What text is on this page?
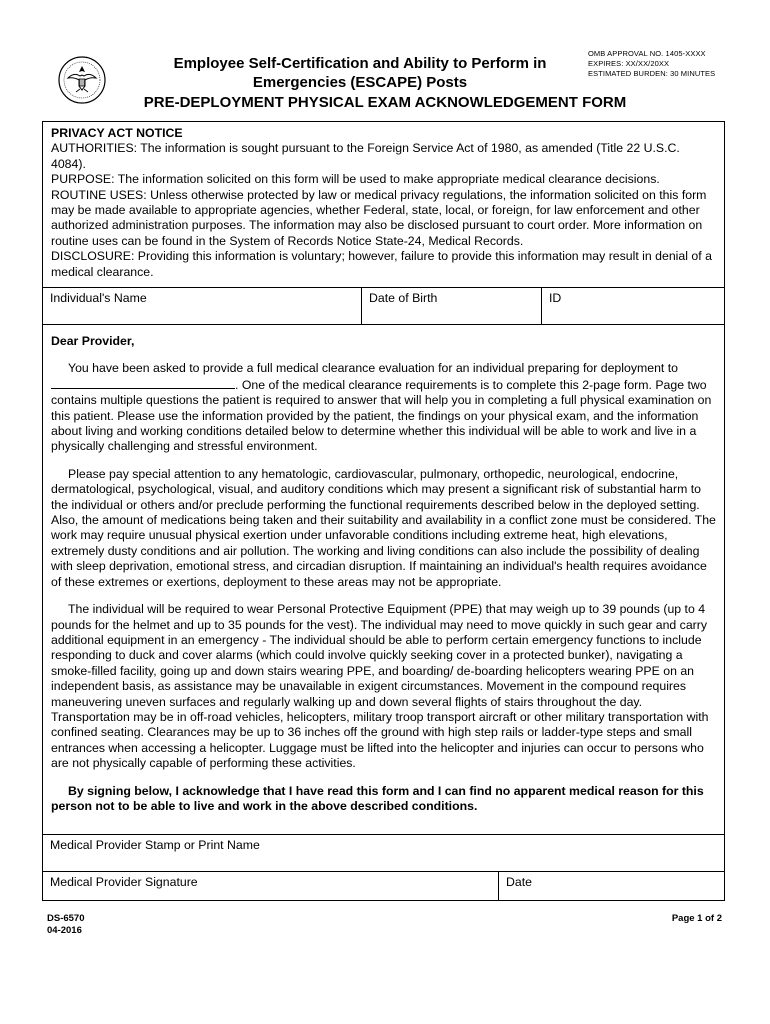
Employee Self-Certification and Ability to Perform in
Emergencies (ESCAPE) Posts
PRE-DEPLOYMENT PHYSICAL EXAM ACKNOWLEDGEMENT FORM
OMB APPROVAL NO. 1405-XXXX
EXPIRES: XX/XX/20XX
ESTIMATED BURDEN: 30 MINUTES

PRIVACY ACT NOTICE

AUTHORITIES: The information is sought pursuant to the Foreign Service Act of 1980, as amended (Title 22 U.S.C. 4084).

PURPOSE: The information solicited on this form will be used to make appropriate medical clearance decisions.

ROUTINE USES: Unless otherwise protected by law or medical privacy regulations, the information solicited on this form may be made available to appropriate agencies, whether Federal, state, local, or foreign, for law enforcement and other authorized administration purposes. The information may also be disclosed pursuant to court order. More information on routine uses can be found in the System of Records Notice State-24, Medical Records.

DISCLOSURE: Providing this information is voluntary; however, failure to provide this information may result in denial of a medical clearance.

Individual's Name	Date of Birth	ID

Dear Provider,

You have been asked to provide a full medical clearance evaluation for an individual preparing for deployment to . One of the medical clearance requirements is to complete this 2-page form. Page two contains multiple questions the patient is required to answer that will help you in completing a full physical examination on this patient. Please use the information provided by the patient, the findings on your physical exam, and the information about living and working conditions detailed below to determine whether this individual will be able to work and live in a physically challenging and stressful environment.

Please pay special attention to any hematologic, cardiovascular, pulmonary, orthopedic, neurological, endocrine, dermatological, psychological, visual, and auditory conditions which may present a significant risk of substantial harm to the individual or others and/or preclude performing the functional requirements described below in the deployed setting. Also, the amount of medications being taken and their suitability and availability in a conflict zone must be considered. The work may require unusual physical exertion under unfavorable conditions including extreme heat, high elevations, extremely dusty conditions and air pollution. The working and living conditions can also include the possibility of dealing with sleep deprivation, emotional stress, and circadian disruption. If maintaining an individual's health requires avoidance of these extremes or exertions, deployment to these areas may not be appropriate.

The individual will be required to wear Personal Protective Equipment (PPE) that may weigh up to 39 pounds (up to 4 pounds for the helmet and up to 35 pounds for the vest). The individual may need to move quickly in such gear and carry additional equipment in an emergency - The individual should be able to perform certain emergency functions to include responding to duck and cover alarms (which could involve quickly seeking cover in a protected bunker), navigating a smoke-filled facility, going up and down stairs wearing PPE, and boarding/ de-boarding helicopters wearing PPE on an independent basis, as assistance may be unavailable in exigent circumstances. Movement in the compound requires maneuvering uneven surfaces and regularly walking up and down several flights of stairs throughout the day. Transportation may be in off-road vehicles, helicopters, military troop transport aircraft or other military transportation with confined seating. Clearances may be up to 36 inches off the ground with high step rails or ladder-type steps and small entrances when accessing a helicopter. Luggage must be lifted into the helicopter and injuries can occur to persons who are not physically capable of performing these activities.

By signing below, I acknowledge that I have read this form and I can find no apparent medical reason for this person not to be able to live and work in the above described conditions.

Medical Provider Stamp or Print Name
Medical Provider Signature	Date
DS-6570
04-2016
Page 1 of 2
